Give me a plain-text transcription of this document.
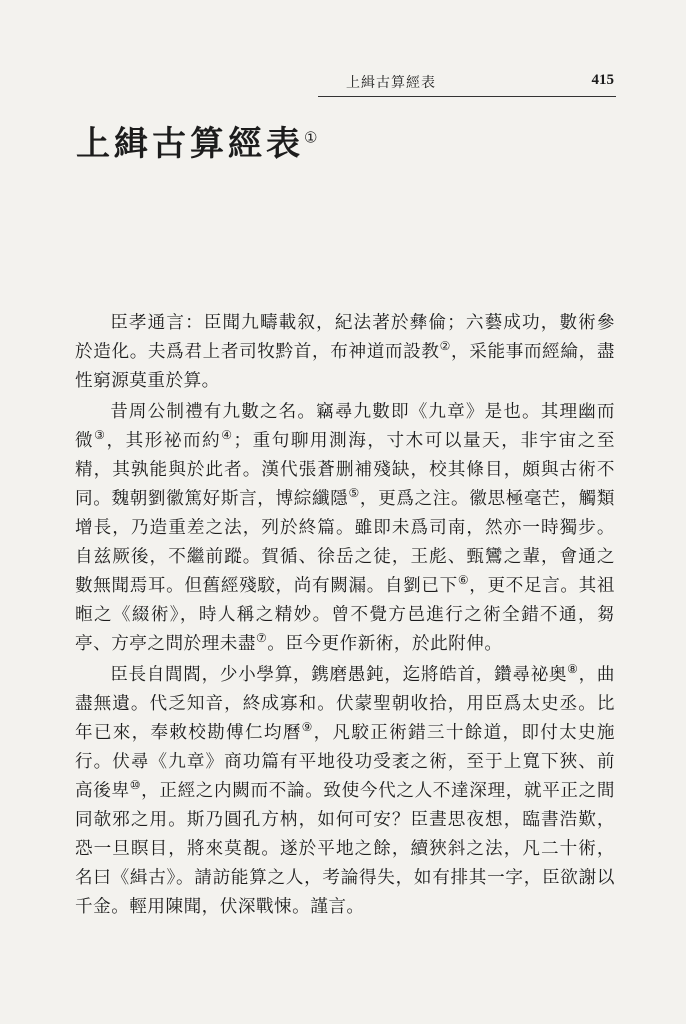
上緝古算經表	415
上緝古算經表①

臣孝通言：臣聞九疇載叙，紀法著於彝倫；六藝成功，數術參於造化。夫爲君上者司牧黔首，布神道而設教②，采能事而經綸，盡性窮源莫重於算。

昔周公制禮有九數之名。竊尋九數即《九章》是也。其理幽而微③，其形祕而約④；重句聊用測海，寸木可以量天，非宇宙之至精，其孰能與於此者。漢代張蒼删補殘缺，校其條目，頗與古術不同。魏朝劉徽篤好斯言，博綜纖隱⑤，更爲之注。徽思極毫芒，觸類增長，乃造重差之法，列於終篇。雖即未爲司南，然亦一時獨步。自兹厥後，不繼前蹤。賀循、徐岳之徒，王彪、甄鸞之輩，會通之數無聞焉耳。但舊經殘駮，尚有闕漏。自劉已下⑥，更不足言。其祖暅之《綴術》，時人稱之精妙。曾不覺方邑進行之術全錯不通，芻亭、方亭之問於理未盡⑦。臣今更作新術，於此附伸。

臣長自閭閻，少小學算，鎸磨愚鈍，迄將皓首，鑽尋祕奥⑧，曲盡無遺。代乏知音，終成寡和。伏蒙聖朝收拾，用臣爲太史丞。比年已來，奉敕校勘傅仁均曆⑨，凡駮正術錯三十餘道，即付太史施行。伏尋《九章》商功篇有平地役功受袤之術，至于上寬下狹、前高後卑⑩，正經之内闕而不論。致使今代之人不達深理，就平正之間同欹邪之用。斯乃圓孔方枘，如何可安？臣晝思夜想，臨書浩歎，恐一旦瞑目，將來莫覩。遂於平地之餘，續狹斜之法，凡二十術，名曰《緝古》。請訪能算之人，考論得失，如有排其一字，臣欲謝以千金。輕用陳聞，伏深戰悚。謹言。
